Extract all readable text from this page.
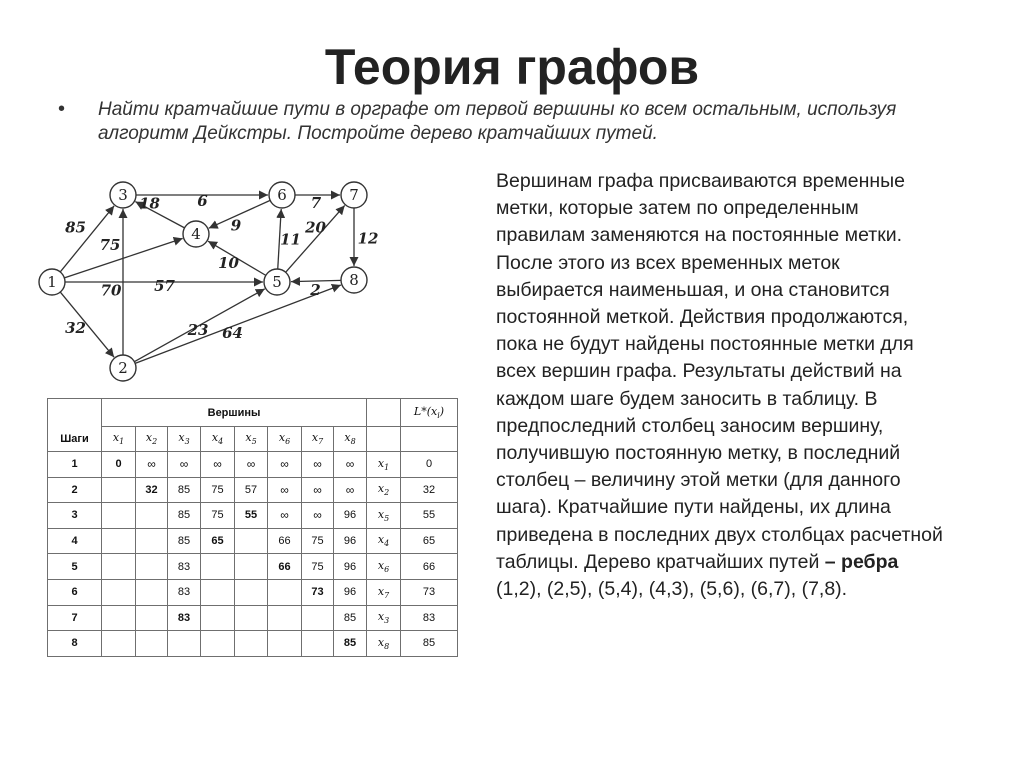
Теория графов
• Найти кратчайшие пути в орграфе от первой вершины ко всем остальным, используя алгоритм Дейкстры. Постройте дерево кратчайших путей.
85
75
57
32
70
23 64
6
18
9
10
11
7
20
12
2
1
2
3
4
5
6	7
8
Вершинам графа присваиваются временные метки, которые затем по определенным правилам заменяются на постоянные метки. После этого из всех временных меток выбирается наименьшая, и она становится постоянной меткой. Действия продолжаются, пока не будут найдены постоянные метки для всех вершин графа. Результаты действий на каждом шаге будем заносить в таблицу. В предпоследний столбец заносим вершину, получившую постоянную метку, в последний столбец – величину этой метки (для данного шага). Кратчайшие пути найдены, их длина приведена в последних двух столбцах расчетной таблицы. Дерево кратчайших путей – ребра
(1,2), (2,5), (5,4), (4,3), (5,6), (6,7), (7,8).
Шаги	Вершины									$L*(x_i)$
	$x_1$	$x_2$	$x_3$	$x_4$	$x_5$	$x_6$	$x_7$	$x_8$		
1	0	∞	∞	∞	∞	∞	∞	∞	$x_1$	0
2		32	85	75	57	∞	∞	∞	$x_2$	32
3			85	75	55	∞	∞	96	$x_5$	55
4			85	65		66	75	96	$x_4$	65
5			83			66	75	96	$x_6$	66
6			83				73	96	$x_7$	73
7			83					85	$x_3$	83
8								85	$x_8$	85
